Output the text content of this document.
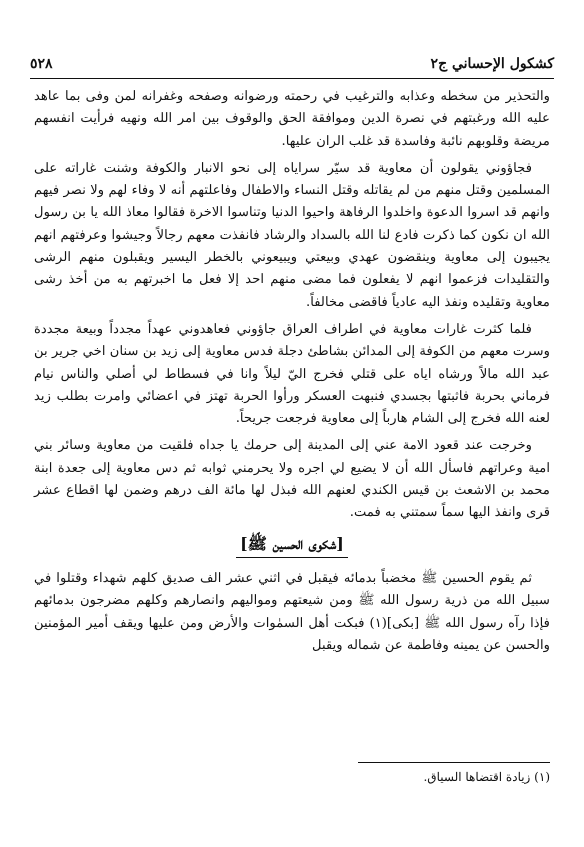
كشكول الإحساني ج٢
٥٢٨

والتحذير من سخطه وعذابه والترغيب في رحمته ورضوانه وصفحه وغفرانه لمن وفى بما عاهد عليه الله ورغبتهم في نصرة الدين وموافقة الحق والوقوف بين امر الله ونهيه فرأيت انفسهم مريضة وقلوبهم نائبة وفاسدة قد غلب الران عليها.

فجاؤوني يقولون أن معاوية قد سيّر سراياه إلى نحو الانبار والكوفة وشنت غاراته على المسلمين وقتل منهم من لم يقاتله وقتل النساء والاطفال وفاعلتهم أنه لا وفاء لهم ولا نصر فيهم وانهم قد اسروا الدعوة واخلدوا الرفاهة واحيوا الدنيا وتناسوا الاخرة فقالوا معاذ الله يا بن رسول الله ان نكون كما ذكرت فادع لنا الله بالسداد والرشاد فانفذت معهم رجالاً وجيشوا وعرفتهم انهم يجيبون إلى معاوية وينقضون عهدي وبيعتي ويبيعوني بالخطر اليسير ويقبلون منهم الرشى والتقليدات فزعموا انهم لا يفعلون فما مضى منهم احد إلا فعل ما اخبرتهم به من أخذ رشى معاوية وتقليده ونفذ اليه عادياً فاقضى مخالفاً.

فلما كثرت غارات معاوية في اطراف العراق جاؤوني فعاهدوني عهداً مجدداً وبيعة مجددة وسرت معهم من الكوفة إلى المدائن بشاطئ دجلة فدس معاوية إلى زيد بن سنان اخي جرير بن عبد الله مالاً ورشاه اياه على قتلي فخرج اليّ ليلاً وانا في فسطاط لي أصلي والناس نيام فرماني بحربة فاثبتها بجسدي فنبهت العسكر ورأوا الحربة تهتز في اعضائي وامرت بطلب زيد لعنه الله فخرج إلى الشام هارباً إلى معاوية فرجعت جريحاً.

وخرجت عند قعود الامة عني إلى المدينة إلى حرمك يا جداه فلقيت من معاوية وسائر بني امية وعراتهم فاسأل الله أن لا يضيع لي اجره ولا يحرمني ثوابه ثم دس معاوية إلى جعدة ابنة محمد بن الاشعث بن قيس الكندي لعنهم الله فبذل لها مائة الف درهم وضمن لها اقطاع عشر قرى وانفذ اليها سماً سمتني به فمت.

[شكوى الحسين ﷺ]

ثم يقوم الحسين ﷺ مخضباً بدمائه فيقبل في اثني عشر الف صديق كلهم شهداء وقتلوا في سبيل الله من ذرية رسول الله ﷺ ومن شيعتهم ومواليهم وانصارهم وكلهم مضرجون بدمائهم فإذا رآه رسول الله ﷺ [بكى](١) فبكت أهل السمٰوات والأرض ومن عليها ويقف أمير المؤمنين والحسن عن يمينه وفاطمة عن شماله ويقبل

(١) زيادة اقتضاها السياق.
